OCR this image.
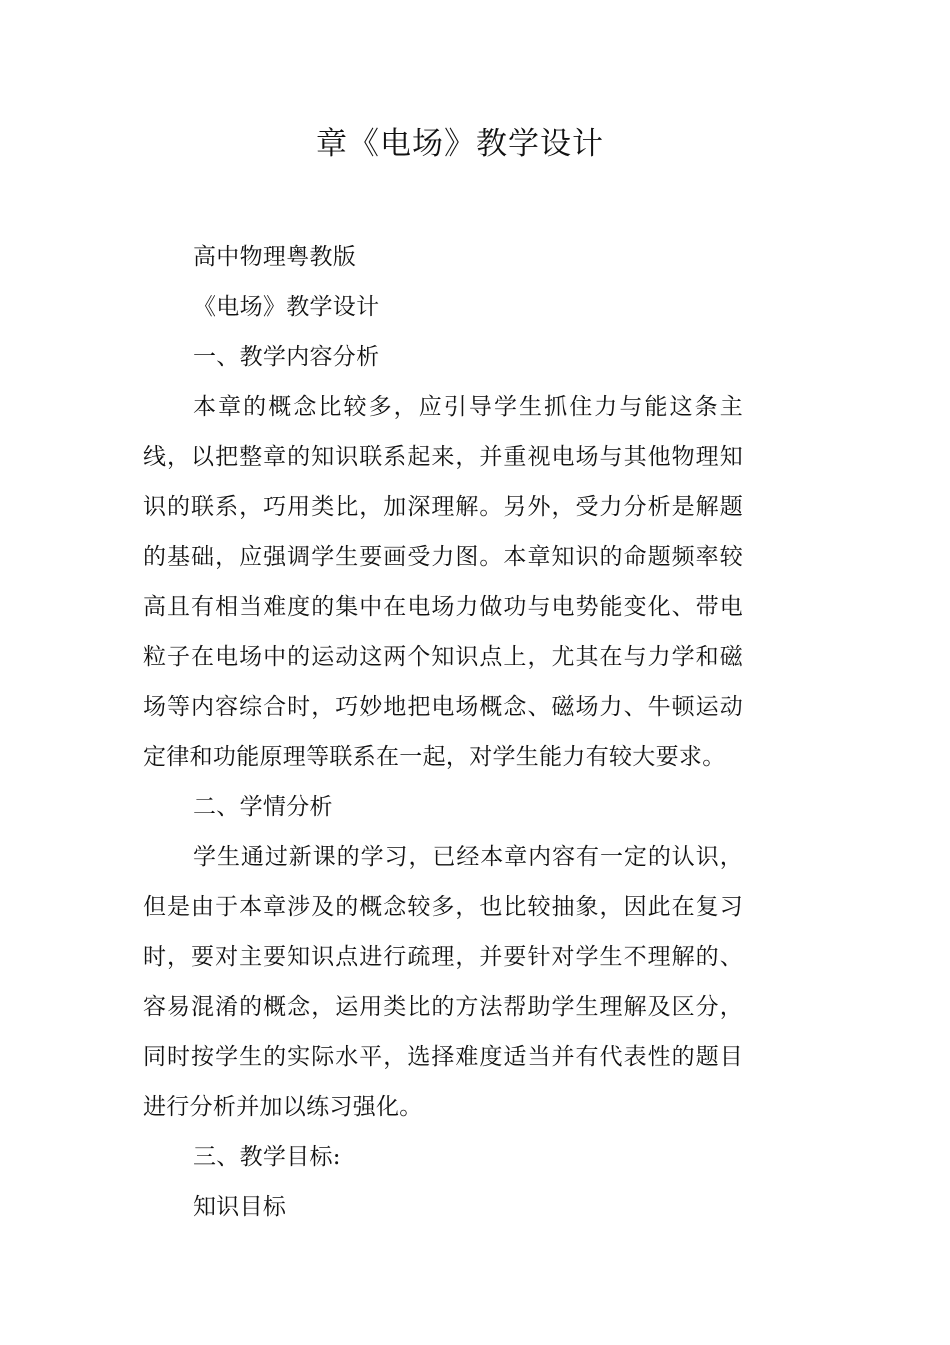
章《电场》教学设计

高中物理粤教版

《电场》教学设计

一、教学内容分析

本章的概念比较多，应引导学生抓住力与能这条主线，以把整章的知识联系起来，并重视电场与其他物理知识的联系，巧用类比，加深理解。另外，受力分析是解题的基础，应强调学生要画受力图。本章知识的命题频率较高且有相当难度的集中在电场力做功与电势能变化、带电粒子在电场中的运动这两个知识点上，尤其在与力学和磁场等内容综合时，巧妙地把电场概念、磁场力、牛顿运动定律和功能原理等联系在一起，对学生能力有较大要求。

二、学情分析

学生通过新课的学习，已经本章内容有一定的认识，但是由于本章涉及的概念较多，也比较抽象，因此在复习时，要对主要知识点进行疏理，并要针对学生不理解的、容易混淆的概念，运用类比的方法帮助学生理解及区分，同时按学生的实际水平，选择难度适当并有代表性的题目进行分析并加以练习强化。

三、教学目标:

知识目标
